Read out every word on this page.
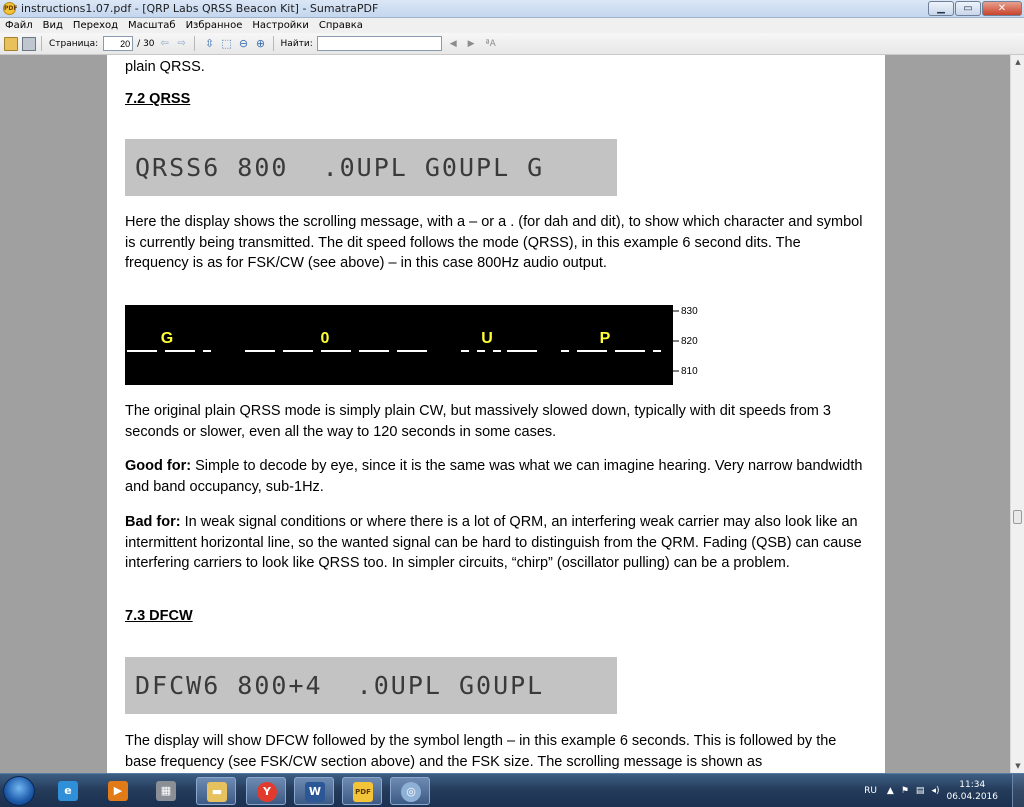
PDF instructions1.07.pdf - [QRP Labs QRSS Beacon Kit] - SumatraPDF	▁	▭	✕
Файл	Вид	Переход	Масштаб	Избранное	Настройки	Справка
Страница:
20	/ 30 ⇦ ⇨ ⇳ ⬚ ⊖ ⊕ Найти:	◀ ▶ ªA
plain QRSS.
7.2 QRSS
QRSS6 800  .0UPL G0UPL G
Here the display shows the scrolling message, with a – or a . (for dah and dit), to show which character and symbol is currently being transmitted. The dit speed follows the mode (QRSS), in this example 6 second dits. The frequency is as for FSK/CW (see above) – in this case 800Hz audio output.
G	0	U	P
830
820
810
The original plain QRSS mode is simply plain CW, but massively slowed down, typically with dit speeds from 3 seconds or slower, even all the way to 120 seconds in some cases.
Good for: Simple to decode by eye, since it is the same was what we can imagine hearing. Very narrow bandwidth and band occupancy, sub-1Hz.
Bad for: In weak signal conditions or where there is a lot of QRM, an interfering weak carrier may also look like an intermittent horizontal line, so the wanted signal can be hard to distinguish from the QRM. Fading (QSB) can cause interfering carriers to look like QRSS too. In simpler circuits, “chirp” (oscillator pulling) can be a problem.
7.3 DFCW
DFCW6 800+4  .0UPL G0UPL
The display will show DFCW followed by the symbol length – in this example 6 seconds. This is followed by the base frequency (see FSK/CW section above) and the FSK size. The scrolling message is shown as
▲
▼
e	▶	▦	▬	Y	W	PDF	◎	RU ▲ ⚑ ▤ ◂)
11:34
06.04.2016
